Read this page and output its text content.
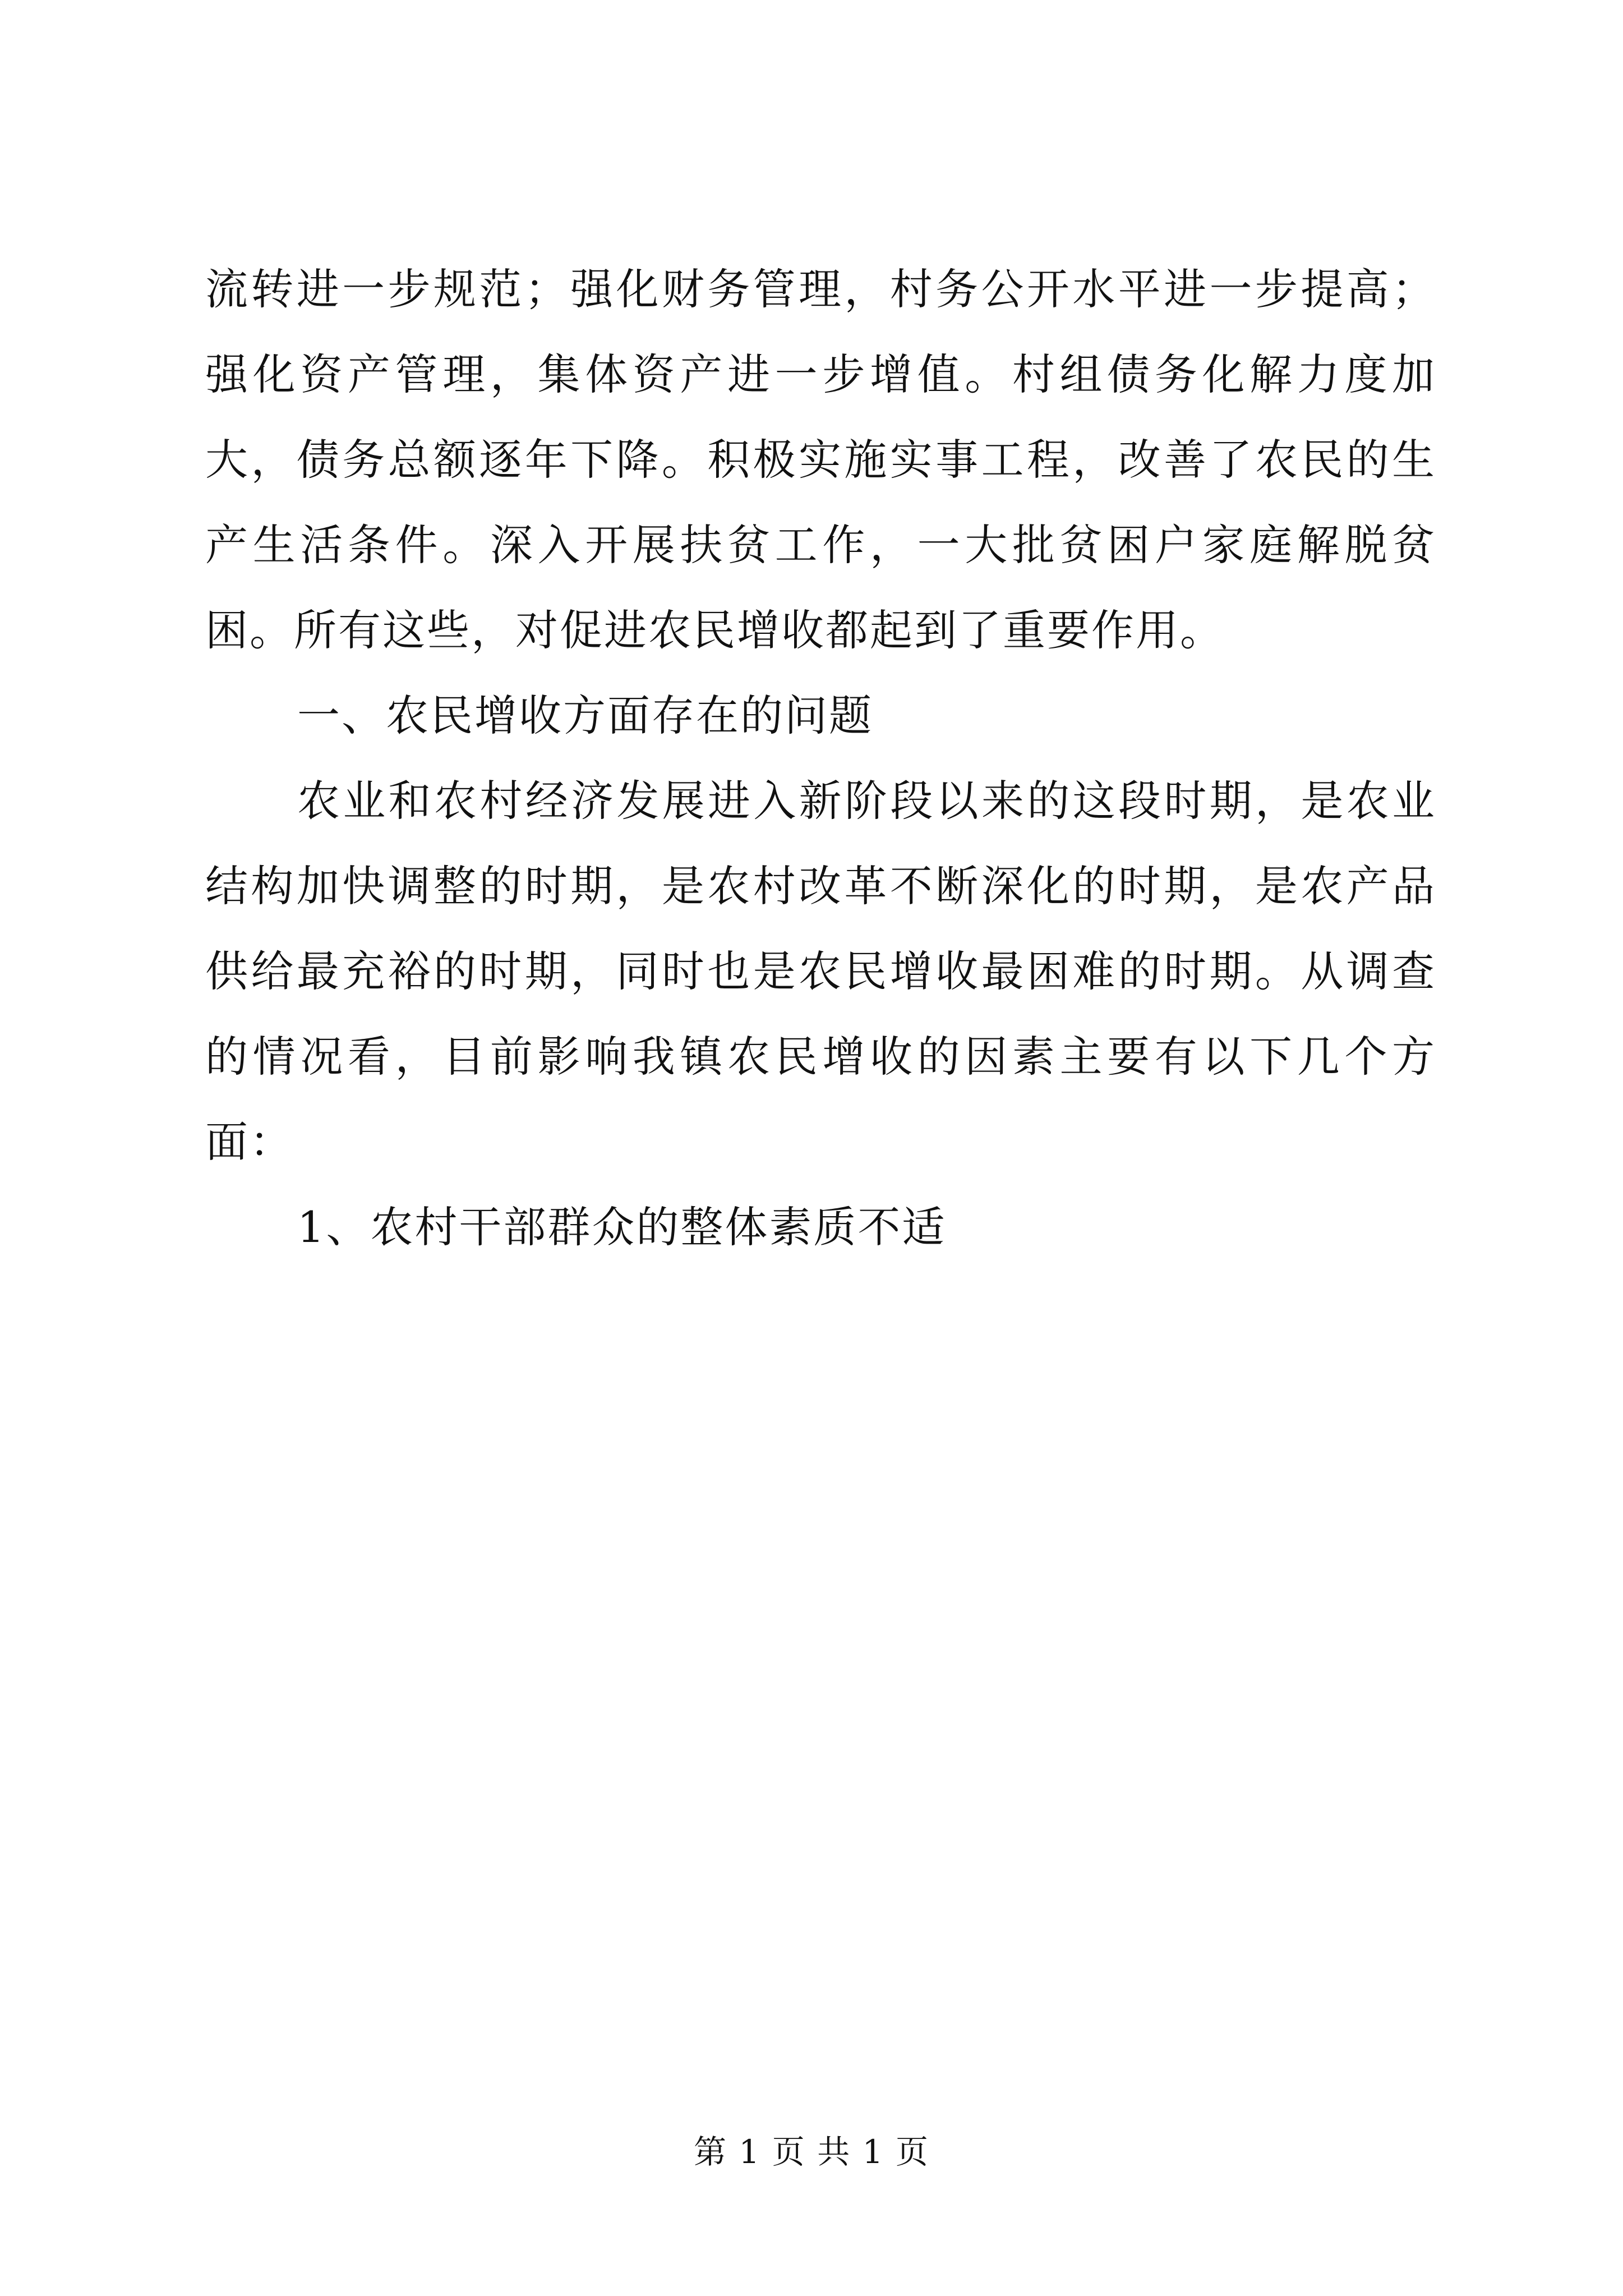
流转进一步规范；强化财务管理，村务公开水平进一步提高；强化资产管理，集体资产进一步增值。村组债务化解力度加大，债务总额逐年下降。积极实施实事工程，改善了农民的生产生活条件。深入开展扶贫工作，一大批贫困户家庭解脱贫困。所有这些，对促进农民增收都起到了重要作用。

一、农民增收方面存在的问题

农业和农村经济发展进入新阶段以来的这段时期，是农业结构加快调整的时期，是农村改革不断深化的时期，是农产品供给最充裕的时期，同时也是农民增收最困难的时期。从调查的情况看，目前影响我镇农民增收的因素主要有以下几个方面：

1、农村干部群众的整体素质不适

第 1 页 共 1 页
